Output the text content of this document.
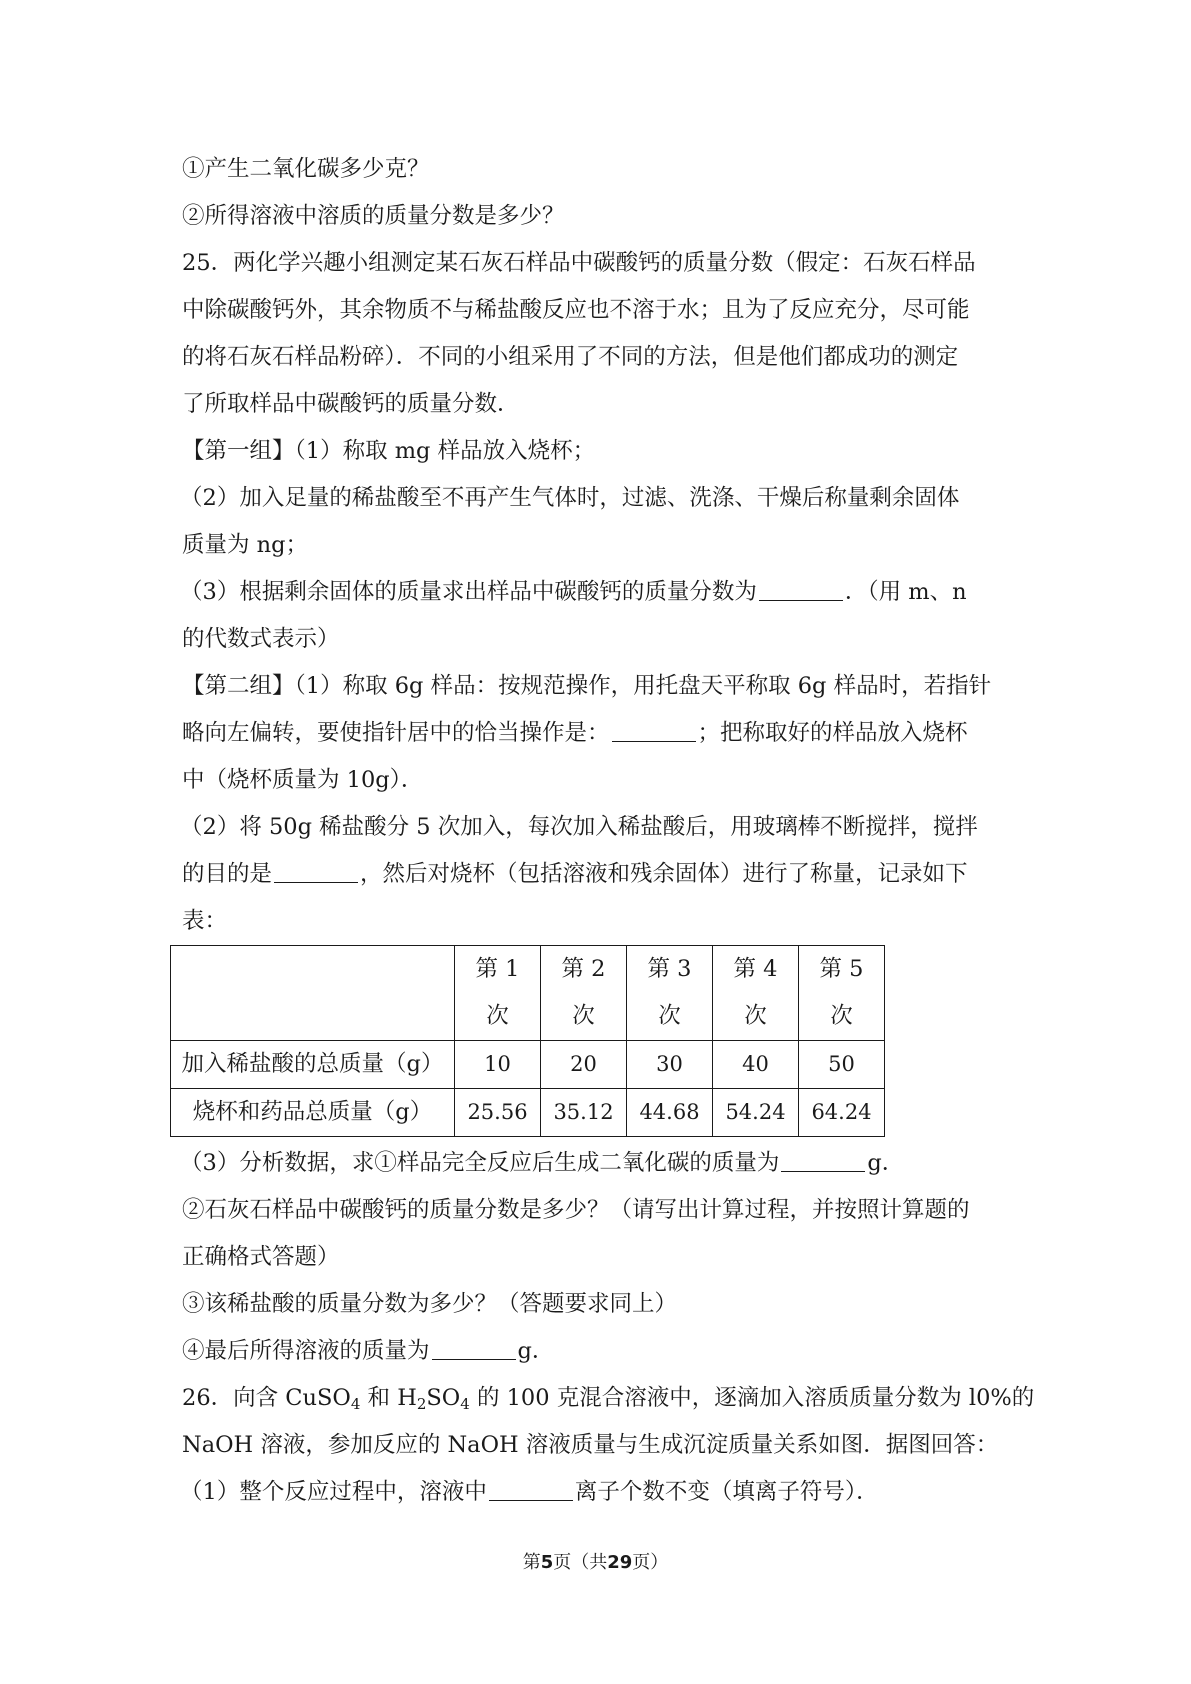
①产生二氧化碳多少克？
②所得溶液中溶质的质量分数是多少？
25．两化学兴趣小组测定某石灰石样品中碳酸钙的质量分数（假定：石灰石样品
中除碳酸钙外，其余物质不与稀盐酸反应也不溶于水；且为了反应充分，尽可能
的将石灰石样品粉碎）．不同的小组采用了不同的方法，但是他们都成功的测定
了所取样品中碳酸钙的质量分数．
【第一组】（1）称取 mg 样品放入烧杯；
（2）加入足量的稀盐酸至不再产生气体时，过滤、洗涤、干燥后称量剩余固体
质量为 ng；
（3）根据剩余固体的质量求出样品中碳酸钙的质量分数为	．（用 m、n
的代数式表示）
【第二组】（1）称取 6g 样品：按规范操作，用托盘天平称取 6g 样品时，若指针
略向左偏转，要使指针居中的恰当操作是：	；把称取好的样品放入烧杯
中（烧杯质量为 10g）．
（2）将 50g 稀盐酸分 5 次加入，每次加入稀盐酸后，用玻璃棒不断搅拌，搅拌
的目的是	，然后对烧杯（包括溶液和残余固体）进行了称量，记录如下
表：
	第 1
次	第 2
次	第 3
次	第 4
次	第 5
次
加入稀盐酸的总质量（g）	10	20	30	40	50
烧杯和药品总质量（g）	25.56	35.12	44.68	54.24	64.24
（3）分析数据，求①样品完全反应后生成二氧化碳的质量为	g．
②石灰石样品中碳酸钙的质量分数是多少？（请写出计算过程，并按照计算题的
正确格式答题）
③该稀盐酸的质量分数为多少？（答题要求同上）
④最后所得溶液的质量为	g．
26．向含 CuSO$_4$ 和 $H_2SO_4$ 的 100 克混合溶液中，逐滴加入溶质质量分数为 l0%的
NaOH 溶液，参加反应的 NaOH 溶液质量与生成沉淀质量关系如图．据图回答：
（1）整个反应过程中，溶液中	离子个数不变（填离子符号）．
第5页（共29页）
